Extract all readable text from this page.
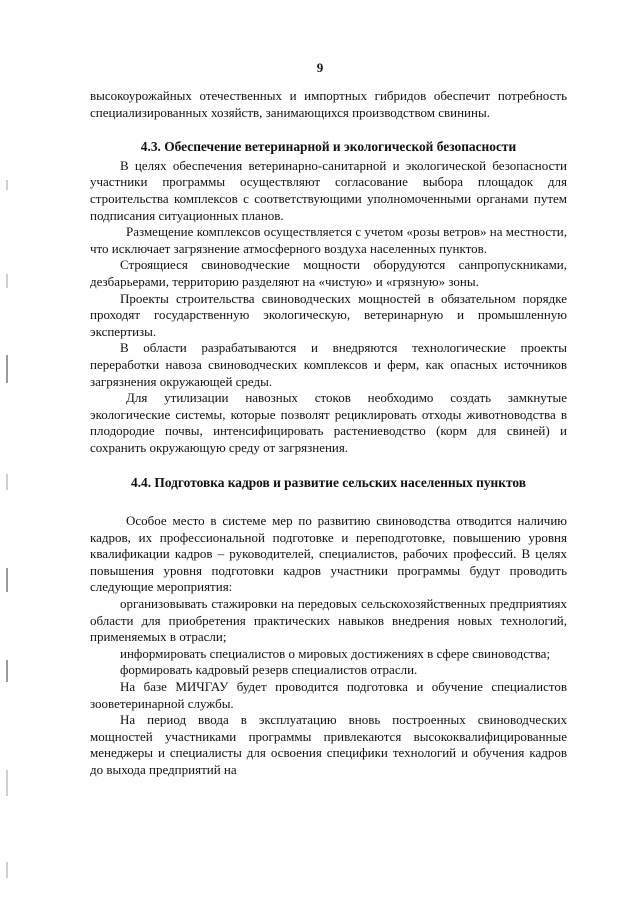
9

высокоурожайных отечественных и импортных гибридов обеспечит потребность специализированных хозяйств, занимающихся производством свинины.

4.3. Обеспечение ветеринарной и экологической безопасности

В целях обеспечения ветеринарно-санитарной и экологической безопасности участники программы осуществляют согласование выбора площадок для строительства комплексов с соответствующими уполномоченными органами путем подписания ситуационных планов.

Размещение комплексов осуществляется с учетом «розы ветров» на местности, что исключает загрязнение атмосферного воздуха населенных пунктов.

Строящиеся свиноводческие мощности оборудуются санпропускниками, дезбарьерами, территорию разделяют на «чистую» и «грязную» зоны.

Проекты строительства свиноводческих мощностей в обязательном порядке проходят государственную экологическую, ветеринарную и промышленную экспертизы.

В области разрабатываются и внедряются технологические проекты переработки навоза свиноводческих комплексов и ферм, как опасных источников загрязнения окружающей среды.

Для утилизации навозных стоков необходимо создать замкнутые экологические системы, которые позволят рециклировать отходы животноводства в плодородие почвы, интенсифицировать растениеводство (корм для свиней) и сохранить окружающую среду от загрязнения.

4.4. Подготовка кадров и развитие сельских населенных пунктов

Особое место в системе мер по развитию свиноводства отводится наличию кадров, их профессиональной подготовке и переподготовке, повышению уровня квалификации кадров – руководителей, специалистов, рабочих профессий. В целях повышения уровня подготовки кадров участники программы будут проводить следующие мероприятия:

организовывать стажировки на передовых сельскохозяйственных предприятиях области для приобретения практических навыков внедрения новых технологий, применяемых в отрасли;

информировать специалистов о мировых достижениях в сфере свиноводства;

формировать кадровый резерв специалистов отрасли.

На базе МИЧГАУ будет проводится подготовка и обучение специалистов зооветеринарной службы.

На период ввода в эксплуатацию вновь построенных свиноводческих мощностей участниками программы привлекаются высококвалифицированные менеджеры и специалисты для освоения специфики технологий и обучения кадров до выхода предприятий на
